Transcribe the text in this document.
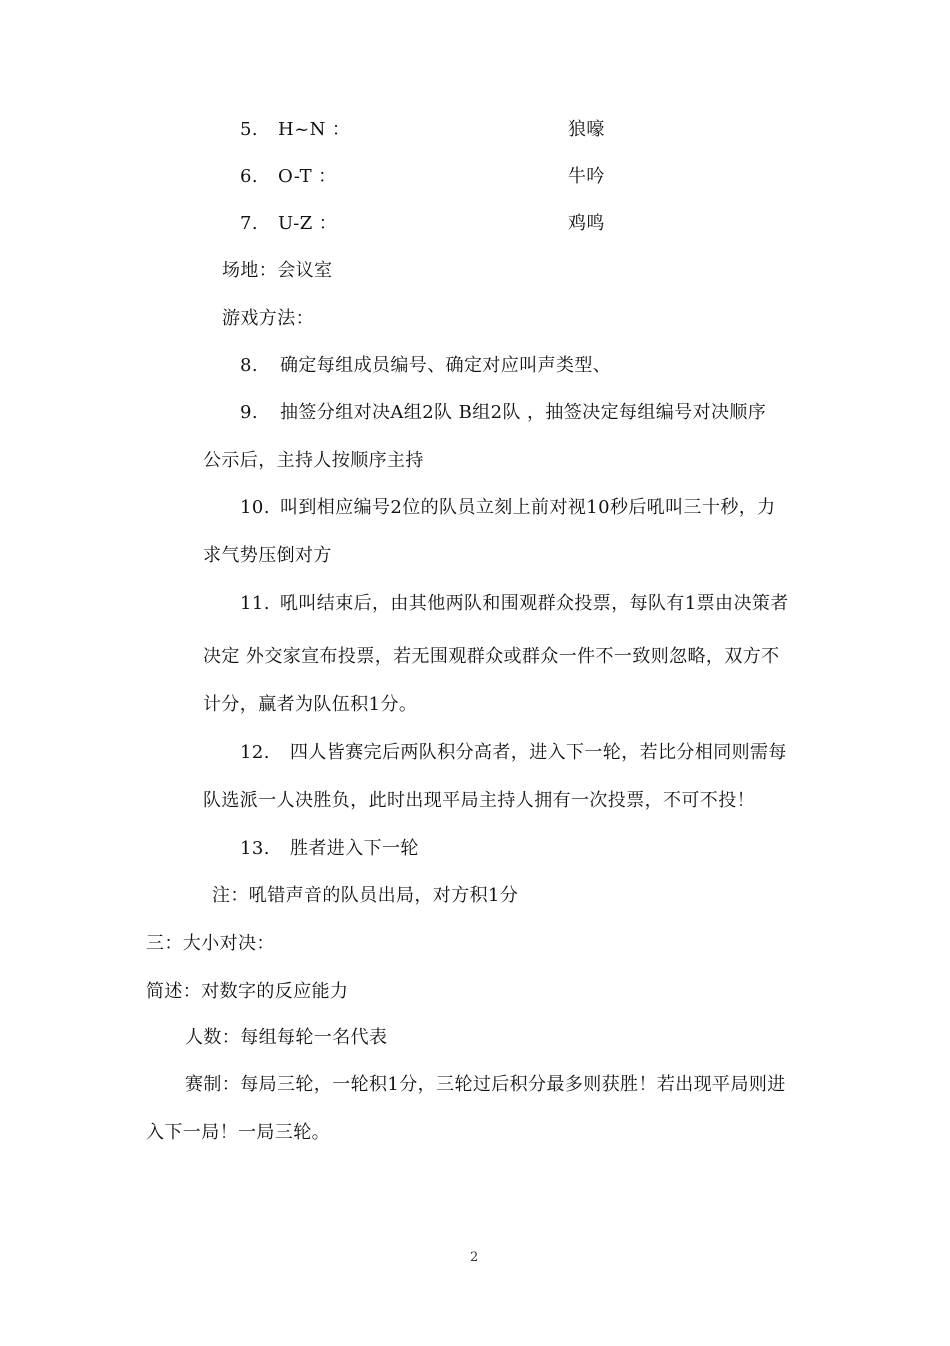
5. H~N ：	狼嚎
6. O-T ：	牛吟
7. U-Z ：	鸡鸣
场地：会议室
游戏方法：
8. 确定每组成员编号、确定对应叫声类型、
9. 抽签分组对决A组2队 B组2队 ，抽签决定每组编号对决顺序
公示后，主持人按顺序主持
10. 叫到相应编号2位的队员立刻上前对视10秒后吼叫三十秒，力
求气势压倒对方
11. 吼叫结束后，由其他两队和围观群众投票，每队有1票由决策者
决定 外交家宣布投票，若无围观群众或群众一件不一致则忽略，双方不
计分，赢者为队伍积1分。
12. 四人皆赛完后两队积分高者，进入下一轮，若比分相同则需每
队选派一人决胜负，此时出现平局主持人拥有一次投票，不可不投！
13. 胜者进入下一轮
注：吼错声音的队员出局，对方积1分
三：大小对决：
简述：对数字的反应能力
人数：每组每轮一名代表
赛制：每局三轮，一轮积1分，三轮过后积分最多则获胜！若出现平局则进
入下一局！一局三轮。
2
